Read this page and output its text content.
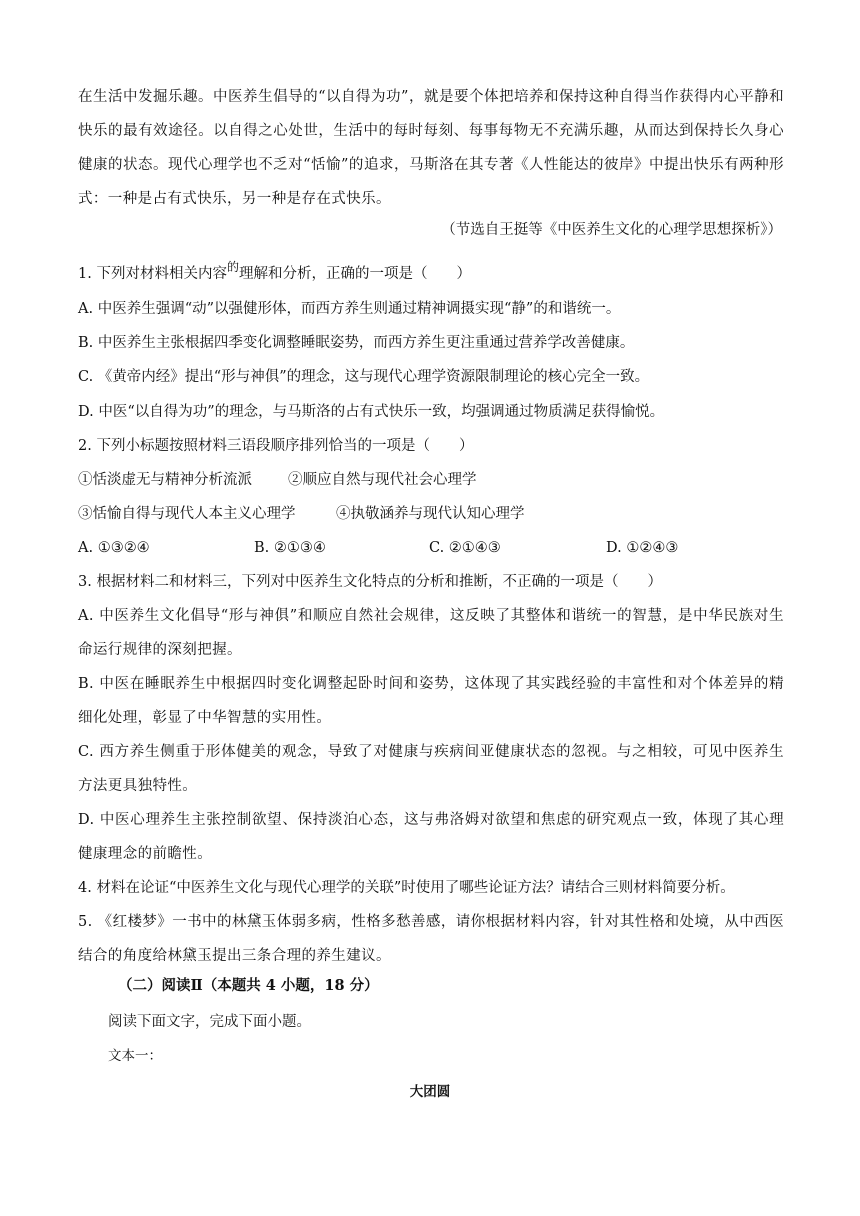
在生活中发掘乐趣。中医养生倡导的“以自得为功”，就是要个体把培养和保持这种自得当作获得内心平静和快乐的最有效途径。以自得之心处世，生活中的每时每刻、每事每物无不充满乐趣，从而达到保持长久身心健康的状态。现代心理学也不乏对“恬愉”的追求，马斯洛在其专著《人性能达的彼岸》中提出快乐有两种形式：一种是占有式快乐，另一种是存在式快乐。
（节选自王挺等《中医养生文化的心理学思想探析》）
1. 下列对材料相关内容$^的$理解和分析，正确的一项是（　　）
A. 中医养生强调“动”以强健形体，而西方养生则通过精神调摄实现“静”的和谐统一。
B. 中医养生主张根据四季变化调整睡眠姿势，而西方养生更注重通过营养学改善健康。
C. 《黄帝内经》提出“形与神俱”的理念，这与现代心理学资源限制理论的核心完全一致。
D. 中医“以自得为功”的理念，与马斯洛的占有式快乐一致，均强调通过物质满足获得愉悦。
2. 下列小标题按照材料三语段顺序排列恰当的一项是（　　）
①恬淡虚无与精神分析流派 ②顺应自然与现代社会心理学
③恬愉自得与现代人本主义心理学	④执敬涵养与现代认知心理学
A. ①③②④	B. ②①③④	C. ②①④③	D. ①②④③
3. 根据材料二和材料三，下列对中医养生文化特点的分析和推断，不正确的一项是（　　）
A. 中医养生文化倡导“形与神俱”和顺应自然社会规律，这反映了其整体和谐统一的智慧，是中华民族对生命运行规律的深刻把握。
B. 中医在睡眠养生中根据四时变化调整起卧时间和姿势，这体现了其实践经验的丰富性和对个体差异的精细化处理，彰显了中华智慧的实用性。
C. 西方养生侧重于形体健美的观念，导致了对健康与疾病间亚健康状态的忽视。与之相较，可见中医养生方法更具独特性。
D. 中医心理养生主张控制欲望、保持淡泊心态，这与弗洛姆对欲望和焦虑的研究观点一致，体现了其心理健康理念的前瞻性。
4. 材料在论证“中医养生文化与现代心理学的关联”时使用了哪些论证方法？请结合三则材料简要分析。
5. 《红楼梦》一书中的林黛玉体弱多病，性格多愁善感，请你根据材料内容，针对其性格和处境，从中西医结合的角度给林黛玉提出三条合理的养生建议。
（二）阅读Ⅱ（本题共 4 小题，18 分）
阅读下面文字，完成下面小题。
文本一：
大团圆
